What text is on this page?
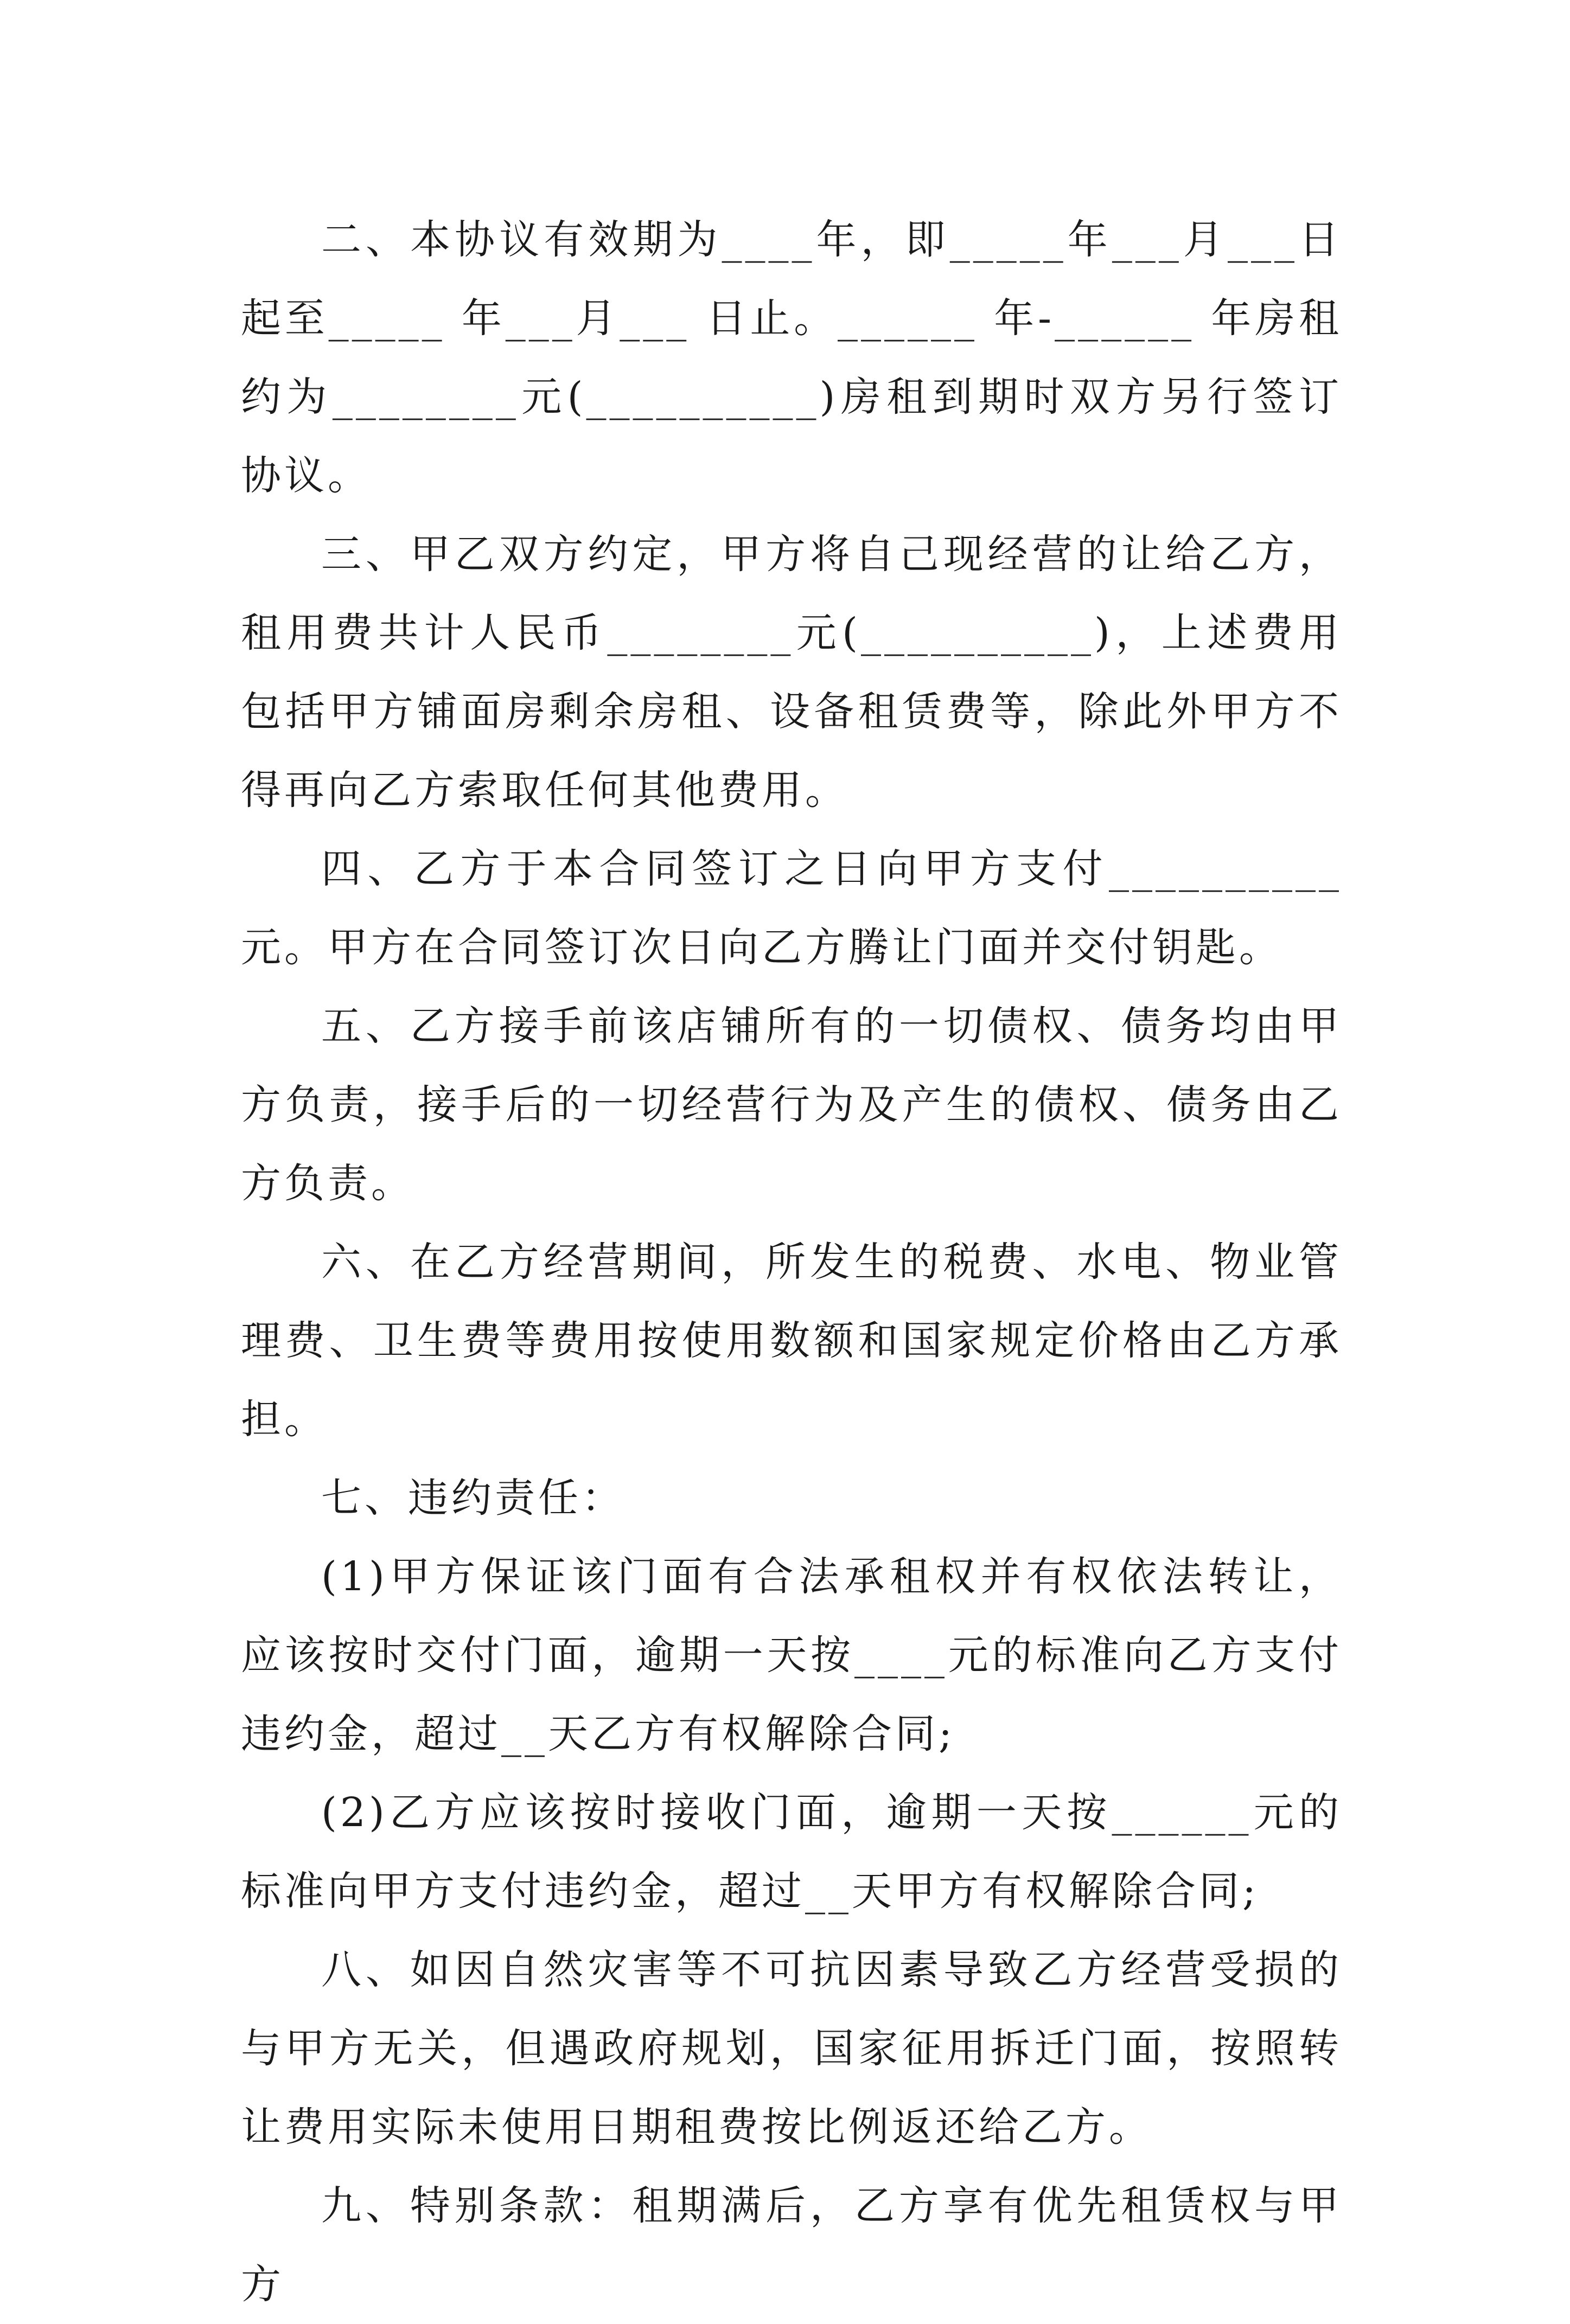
二、本协议有效期为____年，即_____年___月___日起至_____ 年___月___ 日止。______ 年-______ 年房租约为________元(__________)房租到期时双方另行签订协议。

三、甲乙双方约定，甲方将自己现经营的让给乙方，租用费共计人民币________元(__________)，上述费用包括甲方铺面房剩余房租、设备租赁费等，除此外甲方不得再向乙方索取任何其他费用。

四、乙方于本合同签订之日向甲方支付__________元。甲方在合同签订次日向乙方腾让门面并交付钥匙。

五、乙方接手前该店铺所有的一切债权、债务均由甲方负责，接手后的一切经营行为及产生的债权、债务由乙方负责。

六、在乙方经营期间，所发生的税费、水电、物业管理费、卫生费等费用按使用数额和国家规定价格由乙方承担。

七、违约责任：

(1)甲方保证该门面有合法承租权并有权依法转让，应该按时交付门面，逾期一天按____元的标准向乙方支付违约金，超过__天乙方有权解除合同;

(2)乙方应该按时接收门面，逾期一天按______元的标准向甲方支付违约金，超过__天甲方有权解除合同;

八、如因自然灾害等不可抗因素导致乙方经营受损的与甲方无关，但遇政府规划，国家征用拆迁门面，按照转让费用实际未使用日期租费按比例返还给乙方。

九、特别条款：租期满后，乙方享有优先租赁权与甲方
